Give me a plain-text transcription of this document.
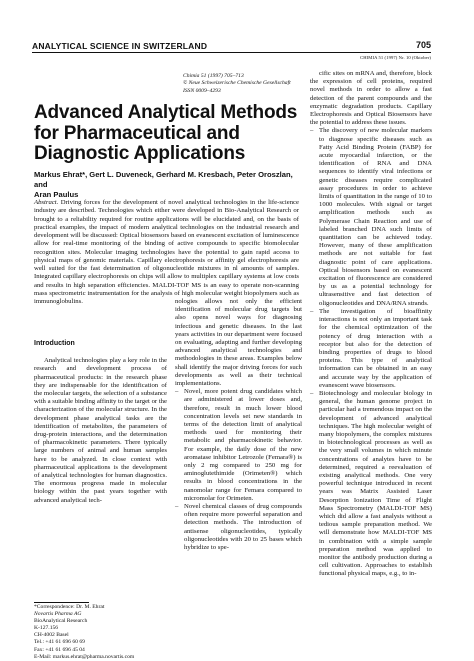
ANALYTICAL SCIENCE IN SWITZERLAND	705
CHIMIA 51 (1997) Nr. 10 (Oktober)
Chimia 51 (1997) 705–713
© Neue Schweizerische Chemische Gesellschaft
ISSN 0009–4293
Advanced Analytical Methods for Pharmaceutical and Diagnostic Applications
Markus Ehrat*, Gert L. Duveneck, Gerhard M. Kresbach, Peter Oroszlan, and
Aran Paulus
Abstract. Driving forces for the development of novel analytical technologies in the life-science industry are described. Technologies which either were developed in Bio-Analytical Research or brought to a reliability required for routine applications will be elucidated and, on the basis of practical examples, the impact of modern analytical technologies on the industrial research and development will be discussed: Optical biosensors based on evanescent excitation of luminescence allow for real-time monitoring of the binding of active compounds to specific biomolecular recognition sites. Molecular imaging technologies have the potential to gain rapid access to physical maps of genomic materials. Capillary electrophoresis or affinity gel electrophoresis are well suited for the fast determination of oligonucleotide mixtures in nl amounts of samples. Integrated capillary electrophoresis on chips will allow to multiplex capillary systems at low costs and results in high separation efficiencies. MALDI-TOF MS is an easy to operate non-scanning mass spectrometric instrumentation for the analysis of high molecular weight biopolymers such as immunoglobulins.

Introduction

Analytical technologies play a key role in the research and development process of pharmaceutical products: in the research phase they are indispensable for the identification of the molecular targets, the selection of a substance with a suitable binding affinity to the target or the characterization of the molecular structure. In the development phase analytical tasks are the identification of metabolites, the parameters of drug-protein interactions, and the determination of pharmacokinetic parameters. There typically large numbers of animal and human samples have to be analyzed. In close context with pharmaceutical applications is the development of analytical technologies for human diagnostics. The enormous progress made in molecular biology within the past years together with advanced analytical tech-

nologies allows not only the efficient identification of molecular drug targets but also opens novel ways for diagnosing infectious and genetic diseases. In the last years activities in our department were focused on evaluating, adapting and further developing advanced analytical technologies and methodologies in these areas. Examples below shall identify the major driving forces for such developments as well as their technical implementations.

– Novel, more potent drug candidates which are administered at lower doses and, therefore, result in much lower blood concentration levels set new standards in terms of the detection limit of analytical methods used for monitoring their metabolic and pharmacokinetic behavior. For example, the daily dose of the new aromatase inhibitor Letrozole (Femara®) is only 2 mg compared to 250 mg for aminoglutethimide (Orimeten®) which results in blood concentrations in the nanomolar range for Femara compared to micromolar for Orimeten.

– Novel chemical classes of drug compounds often require more powerful separation and detection methods. The introduction of antisense oligonucleotides, typically oligonucleotides with 20 to 25 bases which hybridize to spe-

cific sites on mRNA and, therefore, block the expression of cell proteins, required novel methods in order to allow a fast detection of the parent compounds and the enzymatic degradation products. Capillary Electrophoresis and Optical Biosensors have the potential to address these issues.

– The discovery of new molecular markers to diagnose specific diseases such as Fatty Acid Binding Protein (FABP) for acute myocardial infarction, or the identification of RNA and DNA sequences to identify viral infections or genetic diseases require complicated assay procedures in order to achieve limits of quantitation in the range of 10 to 1000 molecules. With signal or target amplification methods such as Polymerase Chain Reaction and use of labeled branched DNA such limits of quantitation can be achieved today. However, many of these amplification methods are not suitable for fast diagnostic point of care applications. Optical biosensors based on evanescent excitation of fluorescence are considered by us as a potential technology for ultrasensitive and fast detection of oligonucleotides and DNA/RNA strands.

– The investigation of bioaffinity interactions is not only an important task for the chemical optimization of the potency of drug interaction with a receptor but also for the detection of binding properties of drugs to blood proteins. This type of analytical information can be obtained in an easy and accurate way by the application of evanescent wave biosensors.

– Biotechnology and molecular biology in general, the human genome project in particular had a tremendous impact on the development of advanced analytical techniques. The high molecular weight of many biopolymers, the complex mixtures in biotechnological processes as well as the very small volumes in which minute concentrations of analytes have to be determined, required a reevaluation of existing analytical methods. One very powerful technique introduced in recent years was Matrix Assisted Laser Desorption Ionization Time of Flight Mass Spectrometry (MALDI-TOF MS) which did allow a fast analysis without a tedious sample preparation method. We will demonstrate how MALDI-TOF MS in combination with a simple sample preparation method was applied to monitor the antibody production during a cell cultivation. Approaches to establish functional physical maps, e.g., to in-

*Correspondence: Dr. M. Ehrat
Novartis Pharma AG
BioAnalytical Research
K-127.156
CH-4002 Basel
Tel.: +41 61 696 60 69
Fax: +41 61 696 45 04
E-Mail: markus.ehrat@pharma.novartis.com
